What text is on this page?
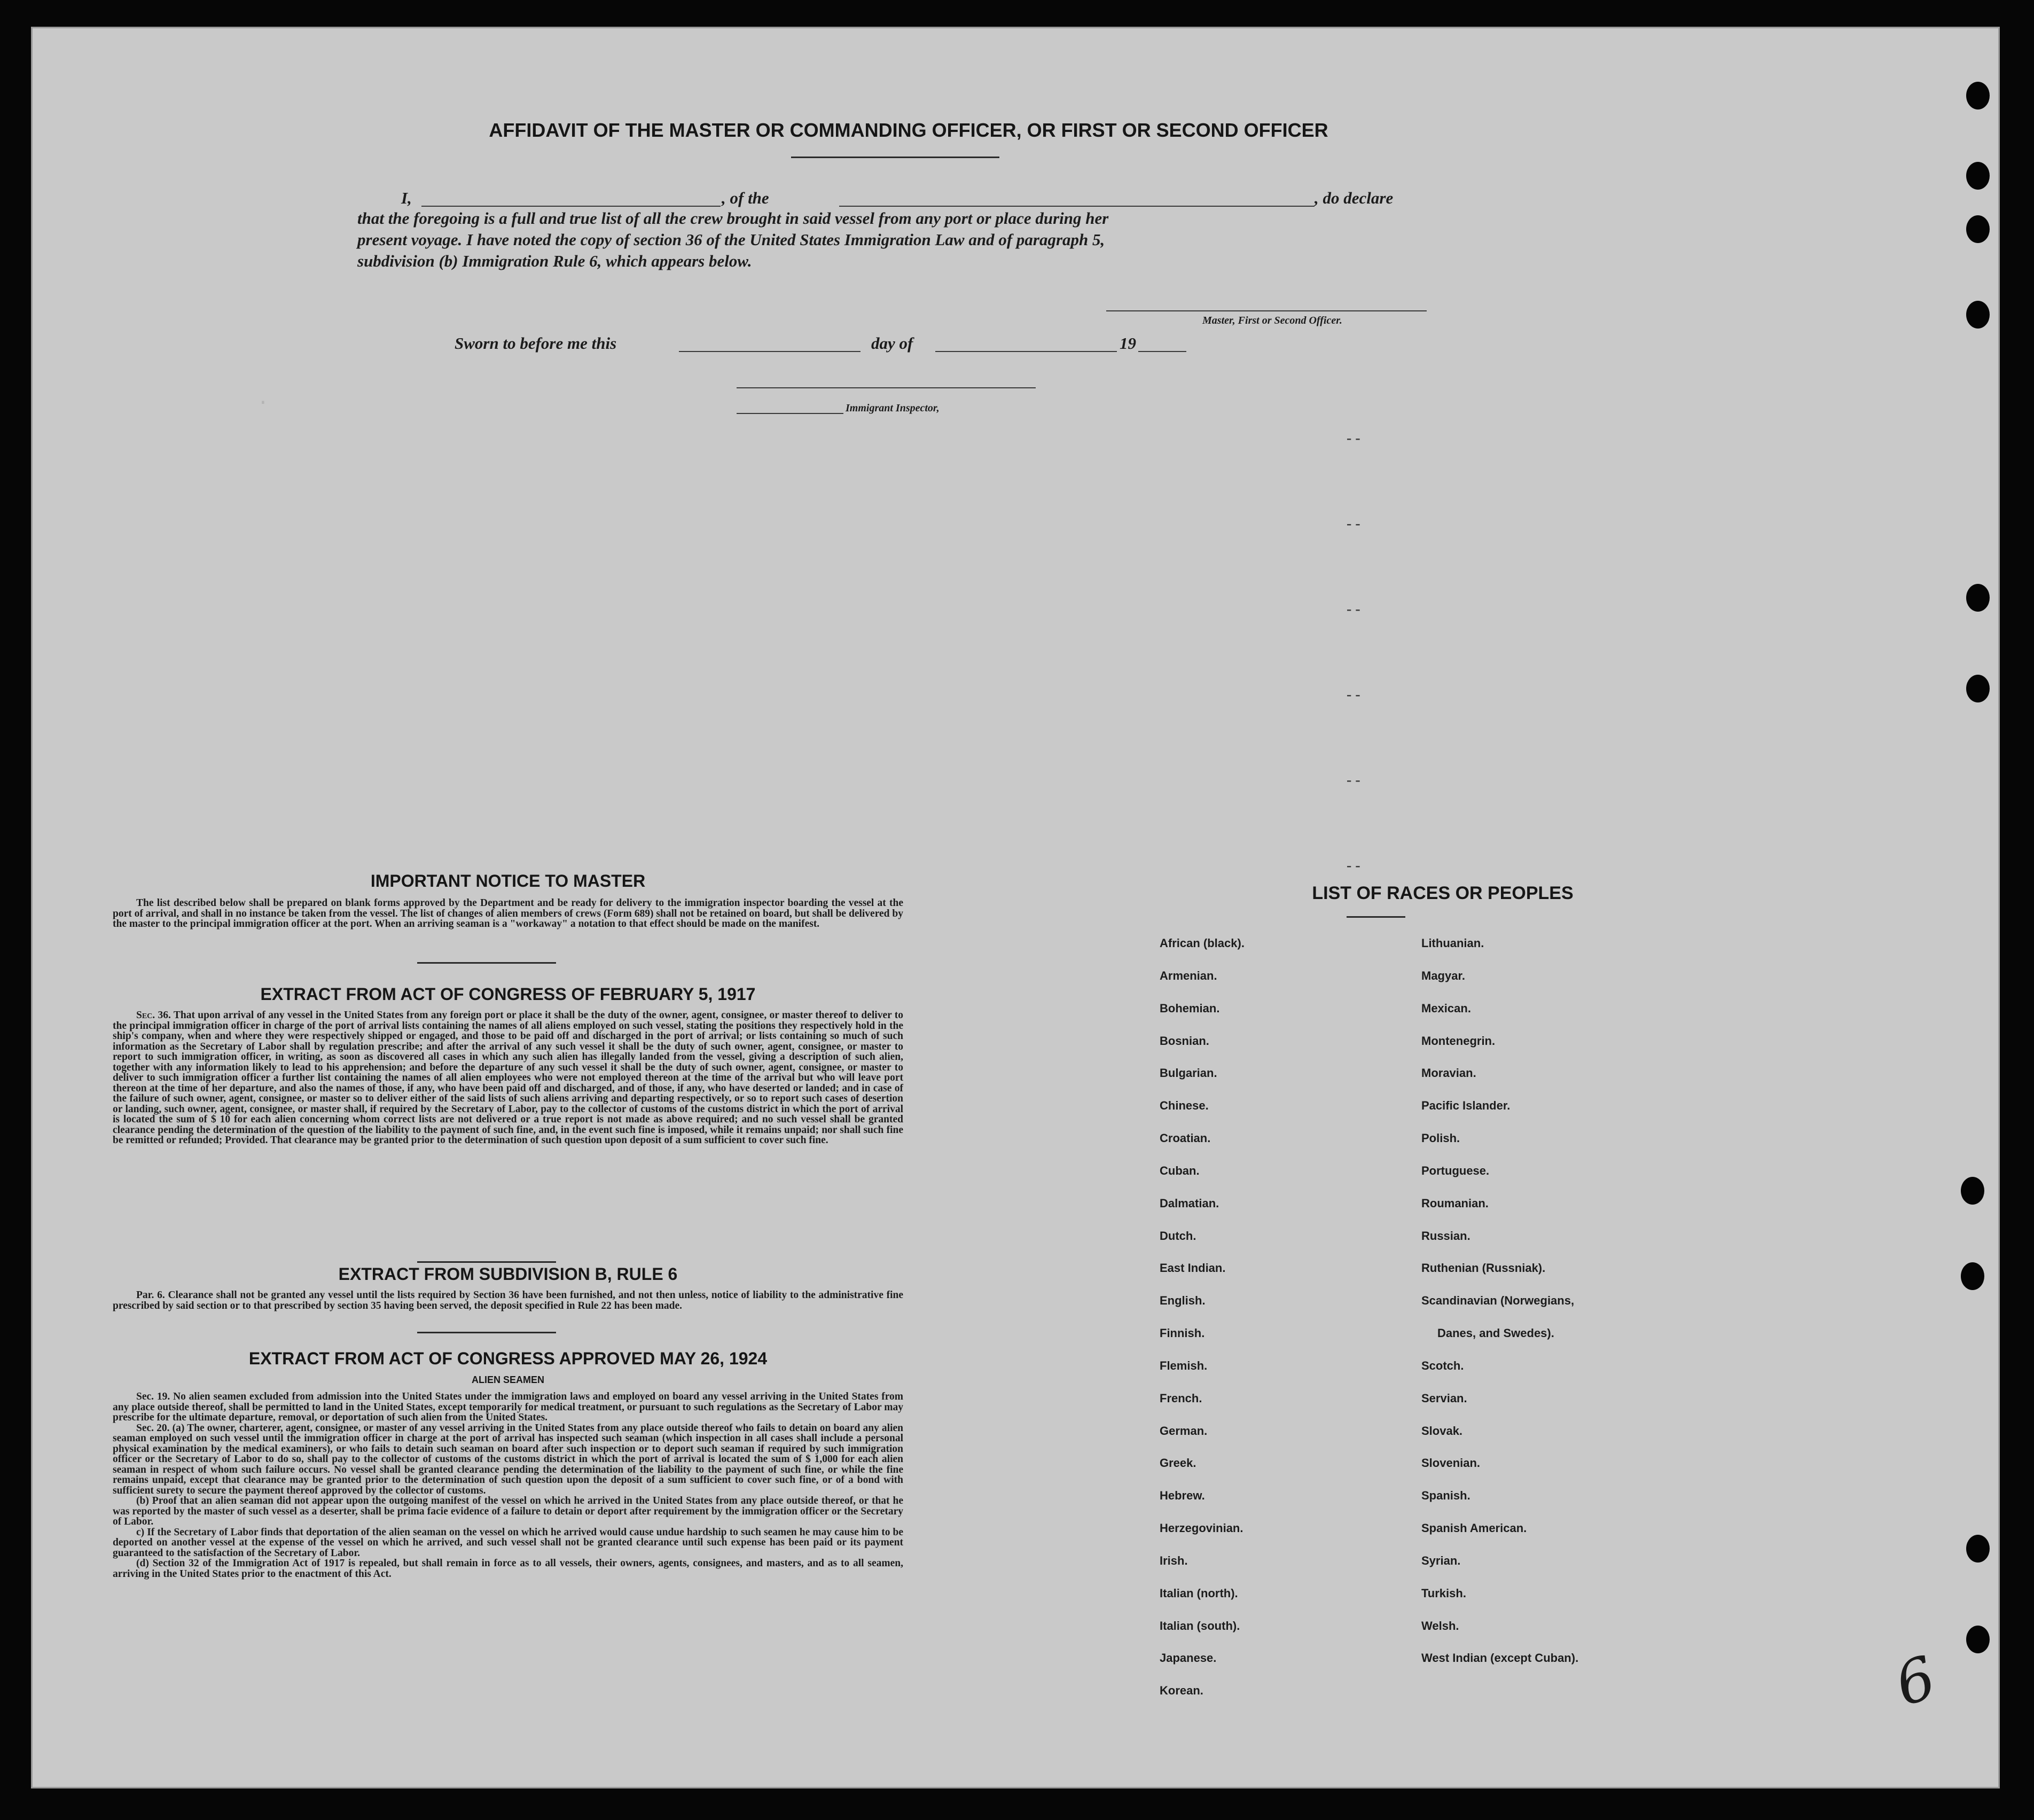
·
AFFIDAVIT OF THE MASTER OR COMMANDING OFFICER, OR FIRST OR SECOND OFFICER
I,	, of the	, do declare
that the foregoing is a full and true list of all the crew brought in said vessel from any port or place during her
present voyage. I have noted the copy of section 36 of the United States Immigration Law and of paragraph 5,
subdivision (b) Immigration Rule 6, which appears below.
Master, First or Second Officer.
Sworn to before me this	day of	19
Immigrant Inspector,
- -
- -
- -
- -
- -
- -
IMPORTANT NOTICE TO MASTER

The list described below shall be prepared on blank forms approved by the Department and be ready for delivery to the immigration inspector boarding the vessel at the port of arrival, and shall in no instance be taken from the vessel. The list of changes of alien members of crews (Form 689) shall not be retained on board, but shall be delivered by the master to the principal immigration officer at the port. When an arriving seaman is a "workaway" a notation to that effect should be made on the manifest.

EXTRACT FROM ACT OF CONGRESS OF FEBRUARY 5, 1917

Sec. 36. That upon arrival of any vessel in the United States from any foreign port or place it shall be the duty of the owner, agent, consignee, or master thereof to deliver to the principal immigration officer in charge of the port of arrival lists containing the names of all aliens employed on such vessel, stating the positions they respectively hold in the ship's company, when and where they were respectively shipped or engaged, and those to be paid off and discharged in the port of arrival; or lists containing so much of such information as the Secretary of Labor shall by regulation prescribe; and after the arrival of any such vessel it shall be the duty of such owner, agent, consignee, or master to report to such immigration officer, in writing, as soon as discovered all cases in which any such alien has illegally landed from the vessel, giving a description of such alien, together with any information likely to lead to his apprehension; and before the departure of any such vessel it shall be the duty of such owner, agent, consignee, or master to deliver to such immigration officer a further list containing the names of all alien employees who were not employed thereon at the time of the arrival but who will leave port thereon at the time of her departure, and also the names of those, if any, who have been paid off and discharged, and of those, if any, who have deserted or landed; and in case of the failure of such owner, agent, consignee, or master so to deliver either of the said lists of such aliens arriving and departing respectively, or so to report such cases of desertion or landing, such owner, agent, consignee, or master shall, if required by the Secretary of Labor, pay to the collector of customs of the customs district in which the port of arrival is located the sum of $ 10 for each alien concerning whom correct lists are not delivered or a true report is not made as above required; and no such vessel shall be granted clearance pending the determination of the question of the liability to the payment of such fine, and, in the event such fine is imposed, while it remains unpaid; nor shall such fine be remitted or refunded; Provided. That clearance may be granted prior to the determination of such question upon deposit of a sum sufficient to cover such fine.

EXTRACT FROM SUBDIVISION B, RULE 6

Par. 6. Clearance shall not be granted any vessel until the lists required by Section 36 have been furnished, and not then unless, notice of liability to the administrative fine prescribed by said section or to that prescribed by section 35 having been served, the deposit specified in Rule 22 has been made.

EXTRACT FROM ACT OF CONGRESS APPROVED MAY 26, 1924
ALIEN SEAMEN

Sec. 19. No alien seamen excluded from admission into the United States under the immigration laws and employed on board any vessel arriving in the United States from any place outside thereof, shall be permitted to land in the United States, except temporarily for medical treatment, or pursuant to such regulations as the Secretary of Labor may prescribe for the ultimate departure, removal, or deportation of such alien from the United States.

Sec. 20. (a) The owner, charterer, agent, consignee, or master of any vessel arriving in the United States from any place outside thereof who fails to detain on board any alien seaman employed on such vessel until the immigration officer in charge at the port of arrival has inspected such seaman (which inspection in all cases shall include a personal physical examination by the medical examiners), or who fails to detain such seaman on board after such inspection or to deport such seaman if required by such immigration officer or the Secretary of Labor to do so, shall pay to the collector of customs of the customs district in which the port of arrival is located the sum of $ 1,000 for each alien seaman in respect of whom such failure occurs. No vessel shall be granted clearance pending the determination of the liability to the payment of such fine, or while the fine remains unpaid, except that clearance may be granted prior to the determination of such question upon the deposit of a sum sufficient to cover such fine, or of a bond with sufficient surety to secure the payment thereof approved by the collector of customs.

(b) Proof that an alien seaman did not appear upon the outgoing manifest of the vessel on which he arrived in the United States from any place outside thereof, or that he was reported by the master of such vessel as a deserter, shall be prima facie evidence of a failure to detain or deport after requirement by the immigration officer or the Secretary of Labor.

c) If the Secretary of Labor finds that deportation of the alien seaman on the vessel on which he arrived would cause undue hardship to such seamen he may cause him to be deported on another vessel at the expense of the vessel on which he arrived, and such vessel shall not be granted clearance until such expense has been paid or its payment guaranteed to the satisfaction of the Secretary of Labor.

(d) Section 32 of the Immigration Act of 1917 is repealed, but shall remain in force as to all vessels, their owners, agents, consignees, and masters, and as to all seamen, arriving in the United States prior to the enactment of this Act.

LIST OF RACES OR PEOPLES
African (black).
Armenian.
Bohemian.
Bosnian.
Bulgarian.
Chinese.
Croatian.
Cuban.
Dalmatian.
Dutch.
East Indian.
English.
Finnish.
Flemish.
French.
German.
Greek.
Hebrew.
Herzegovinian.
Irish.
Italian (north).
Italian (south).
Japanese.
Korean.
Lithuanian.
Magyar.
Mexican.
Montenegrin.
Moravian.
Pacific Islander.
Polish.
Portuguese.
Roumanian.
Russian.
Ruthenian (Russniak).
Scandinavian (Norwegians,
Danes, and Swedes).
Scotch.
Servian.
Slovak.
Slovenian.
Spanish.
Spanish American.
Syrian.
Turkish.
Welsh.
West Indian (except Cuban).	6
